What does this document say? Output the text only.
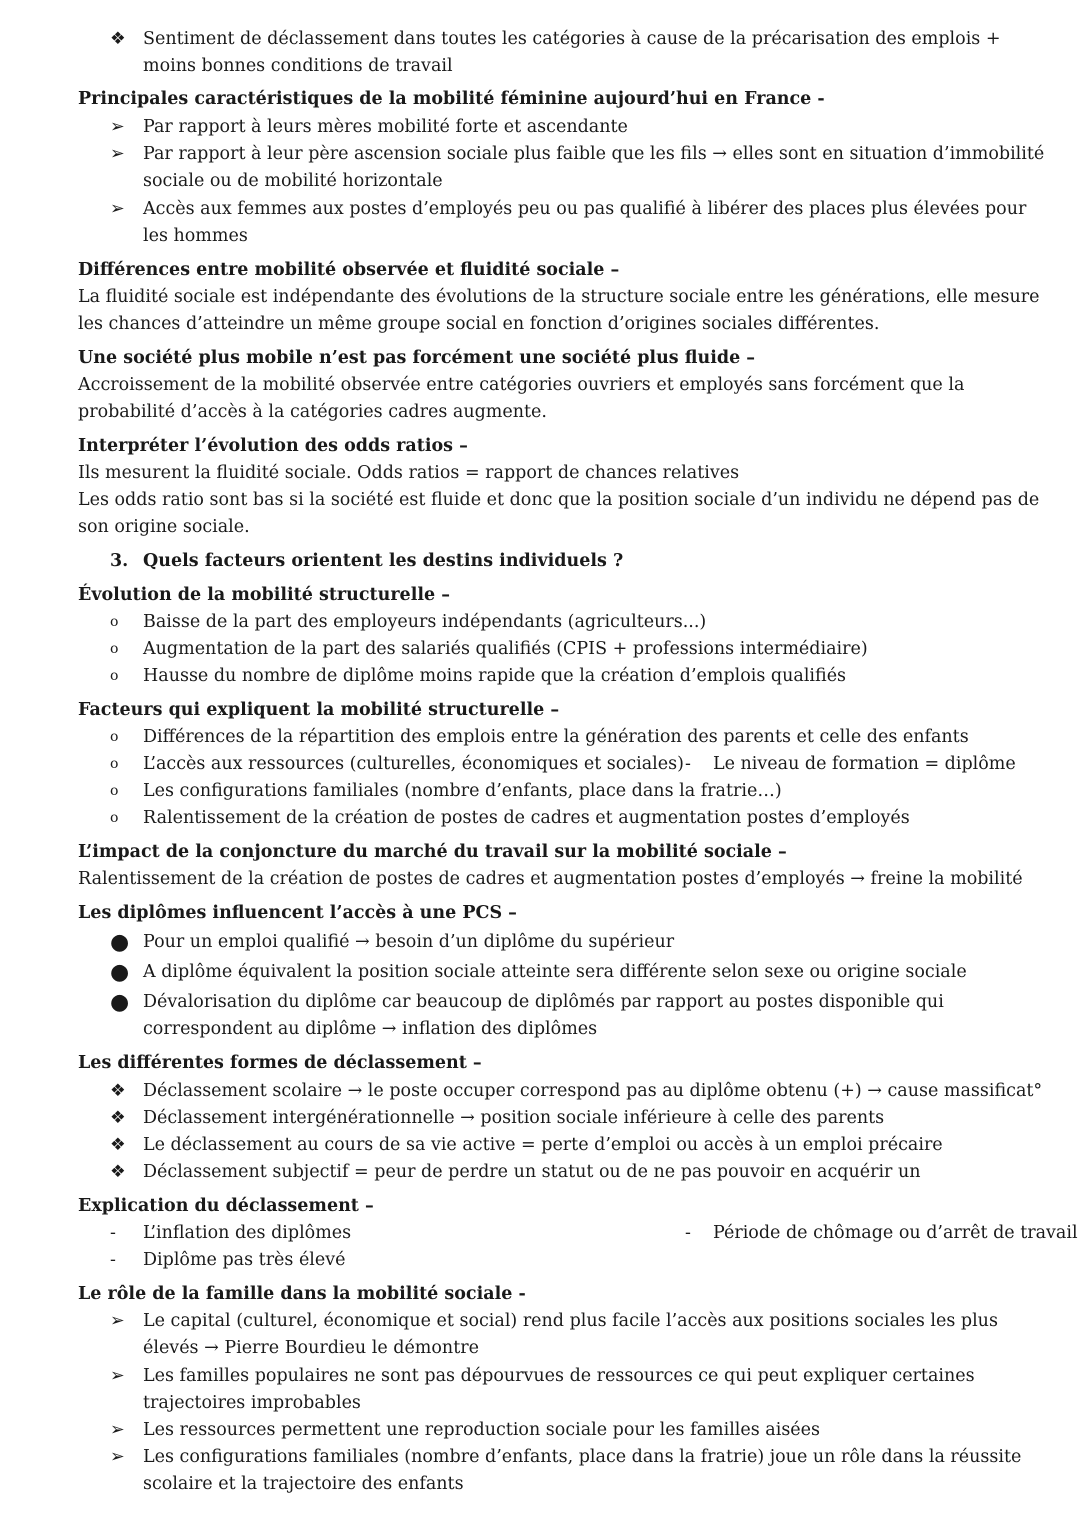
❖ Sentiment de déclassement dans toutes les catégories à cause de la précarisation des emplois +
moins bonnes conditions de travail
Principales caractéristiques de la mobilité féminine aujourd’hui en France -
➢ Par rapport à leurs mères mobilité forte et ascendante
➢ Par rapport à leur père ascension sociale plus faible que les fils → elles sont en situation d’immobilité
sociale ou de mobilité horizontale
➢ Accès aux femmes aux postes d’employés peu ou pas qualifié à libérer des places plus élevées pour
les hommes
Différences entre mobilité observée et fluidité sociale –
La fluidité sociale est indépendante des évolutions de la structure sociale entre les générations, elle mesure
les chances d’atteindre un même groupe social en fonction d’origines sociales différentes.
Une société plus mobile n’est pas forcément une société plus fluide –
Accroissement de la mobilité observée entre catégories ouvriers et employés sans forcément que la
probabilité d’accès à la catégories cadres augmente.
Interpréter l’évolution des odds ratios –
Ils mesurent la fluidité sociale. Odds ratios = rapport de chances relatives
Les odds ratio sont bas si la société est fluide et donc que la position sociale d’un individu ne dépend pas de
son origine sociale.
3. Quels facteurs orientent les destins individuels ?
Évolution de la mobilité structurelle –
o Baisse de la part des employeurs indépendants (agriculteurs...)
o Augmentation de la part des salariés qualifiés (CPIS + professions intermédiaire)
o Hausse du nombre de diplôme moins rapide que la création d’emplois qualifiés
Facteurs qui expliquent la mobilité structurelle –
o Différences de la répartition des emplois entre la génération des parents et celle des enfants
o L’accès aux ressources (culturelles, économiques et sociales) - Le niveau de formation = diplôme
o Les configurations familiales (nombre d’enfants, place dans la fratrie…)
o Ralentissement de la création de postes de cadres et augmentation postes d’employés
L’impact de la conjoncture du marché du travail sur la mobilité sociale –
Ralentissement de la création de postes de cadres et augmentation postes d’employés → freine la mobilité
Les diplômes influencent l’accès à une PCS –
● Pour un emploi qualifié → besoin d’un diplôme du supérieur
● A diplôme équivalent la position sociale atteinte sera différente selon sexe ou origine sociale
● Dévalorisation du diplôme car beaucoup de diplômés par rapport au postes disponible qui
correspondent au diplôme → inflation des diplômes
Les différentes formes de déclassement –
❖ Déclassement scolaire → le poste occuper correspond pas au diplôme obtenu (+) → cause massificat°
❖ Déclassement intergénérationnelle → position sociale inférieure à celle des parents
❖ Le déclassement au cours de sa vie active = perte d’emploi ou accès à un emploi précaire
❖ Déclassement subjectif = peur de perdre un statut ou de ne pas pouvoir en acquérir un
Explication du déclassement –
- L’inflation des diplômes	- Période de chômage ou d’arrêt de travail
- Diplôme pas très élevé
Le rôle de la famille dans la mobilité sociale -
➢ Le capital (culturel, économique et social) rend plus facile l’accès aux positions sociales les plus
élevés → Pierre Bourdieu le démontre
➢ Les familles populaires ne sont pas dépourvues de ressources ce qui peut expliquer certaines
trajectoires improbables
➢ Les ressources permettent une reproduction sociale pour les familles aisées
➢ Les configurations familiales (nombre d’enfants, place dans la fratrie) joue un rôle dans la réussite
scolaire et la trajectoire des enfants
